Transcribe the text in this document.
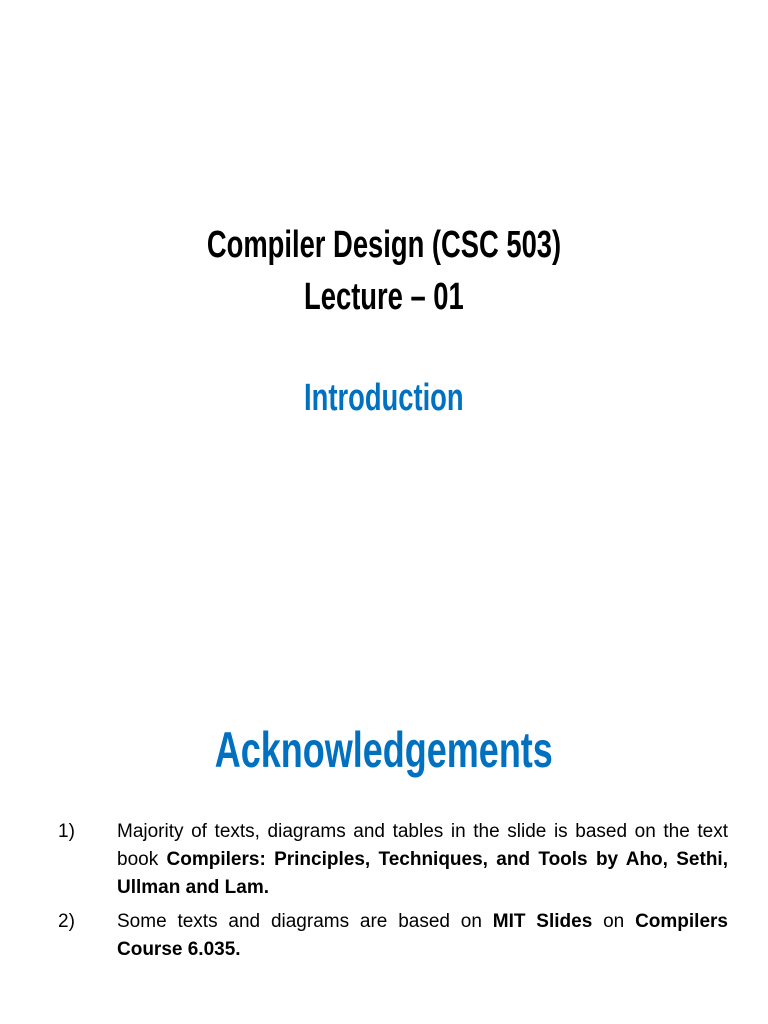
Compiler Design (CSC 503)
Lecture – 01
Introduction
Acknowledgements
1)	Majority of texts, diagrams and tables in the slide is based on the text book Compilers: Principles, Techniques, and Tools by Aho, Sethi, Ullman and Lam.
2)	Some texts and diagrams are based on MIT Slides on Compilers Course 6.035.
